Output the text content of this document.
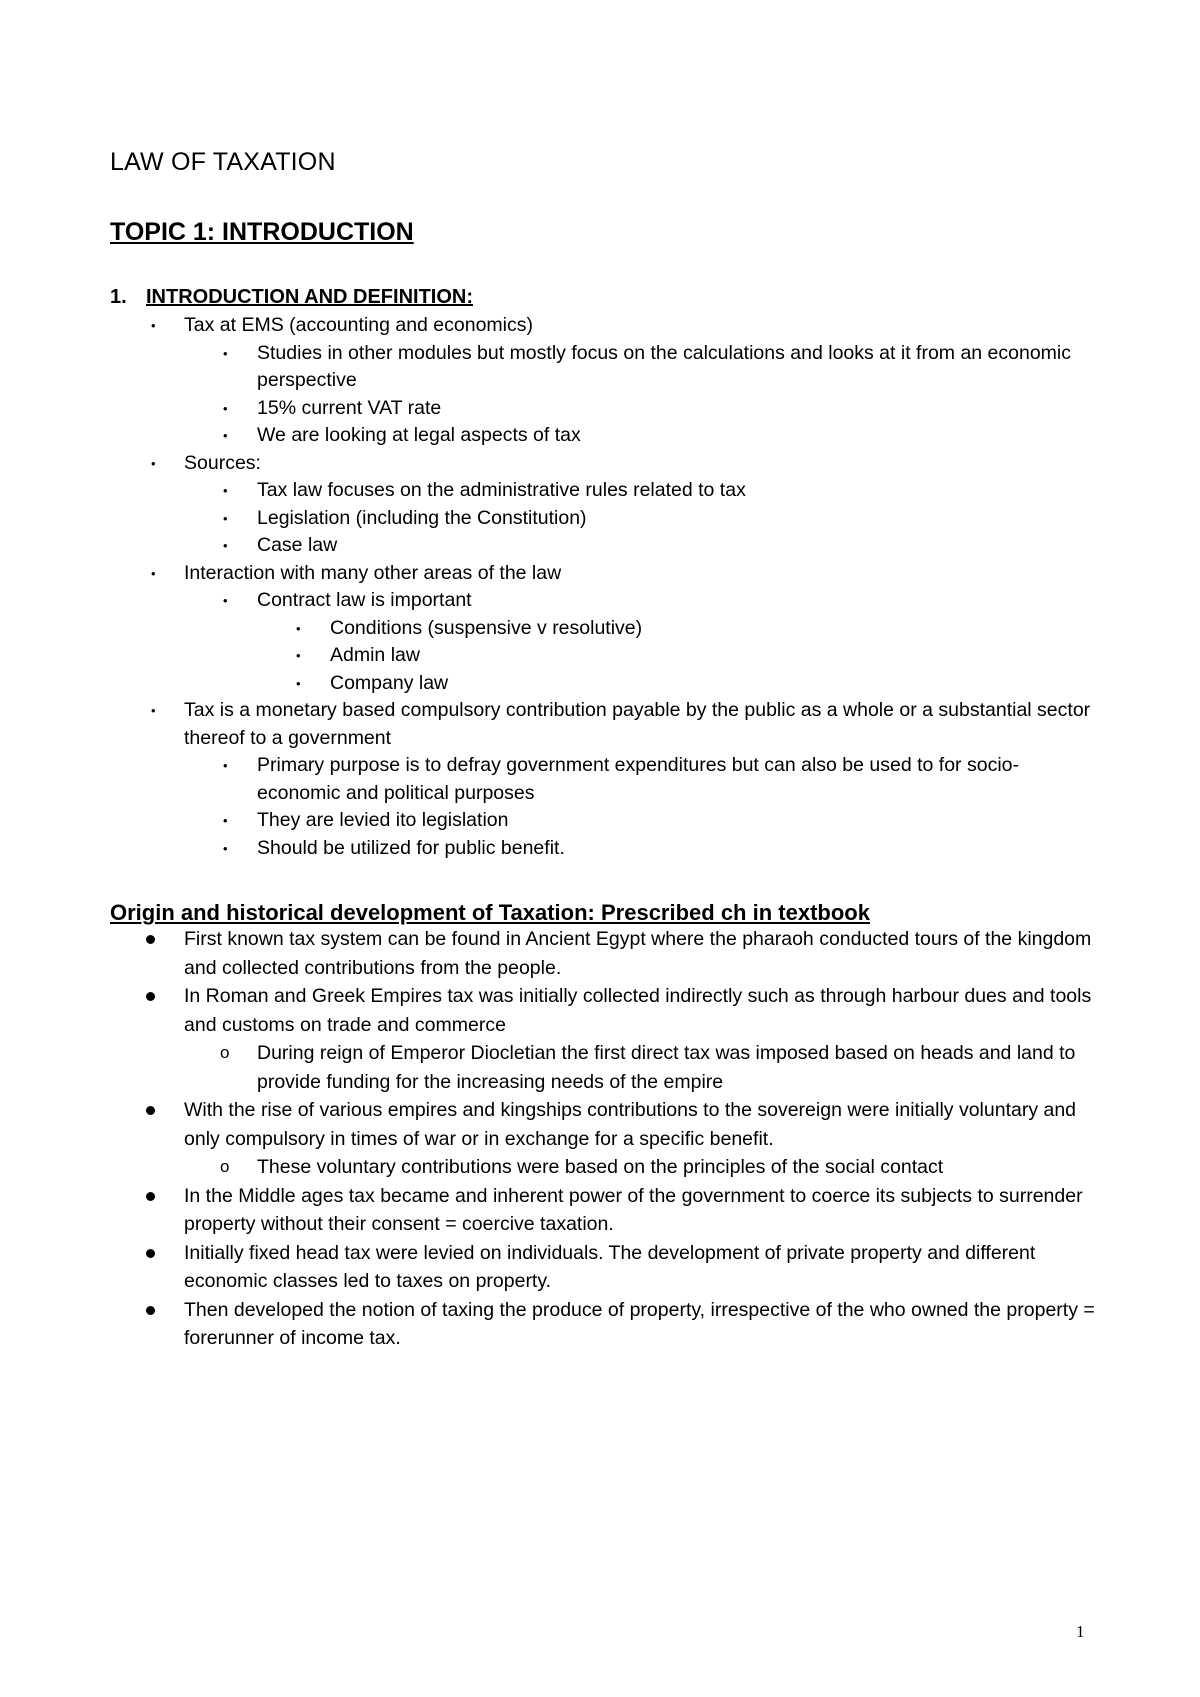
LAW OF TAXATION
TOPIC 1: INTRODUCTION
1. INTRODUCTION AND DEFINITION:
• Tax at EMS (accounting and economics)
• Studies in other modules but mostly focus on the calculations and looks at it from an economic perspective
• 15% current VAT rate
• We are looking at legal aspects of tax
• Sources:
• Tax law focuses on the administrative rules related to tax
• Legislation (including the Constitution)
• Case law
• Interaction with many other areas of the law
• Contract law is important
• Conditions (suspensive v resolutive)
• Admin law
• Company law
• Tax is a monetary based compulsory contribution payable by the public as a whole or a substantial sector thereof to a government
• Primary purpose is to defray government expenditures but can also be used to for socio-economic and political purposes
• They are levied ito legislation
• Should be utilized for public benefit.
Origin and historical development of Taxation: Prescribed ch in textbook
First known tax system can be found in Ancient Egypt where the pharaoh conducted tours of the kingdom and collected contributions from the people.
In Roman and Greek Empires tax was initially collected indirectly such as through harbour dues and tools and customs on trade and commerce
o During reign of Emperor Diocletian the first direct tax was imposed based on heads and land to provide funding for the increasing needs of the empire
With the rise of various empires and kingships contributions to the sovereign were initially voluntary and only compulsory in times of war or in exchange for a specific benefit.
o These voluntary contributions were based on the principles of the social contact
In the Middle ages tax became and inherent power of the government to coerce its subjects to surrender property without their consent = coercive taxation.
Initially fixed head tax were levied on individuals. The development of private property and different economic classes led to taxes on property.
Then developed the notion of taxing the produce of property, irrespective of the who owned the property = forerunner of income tax.
1
